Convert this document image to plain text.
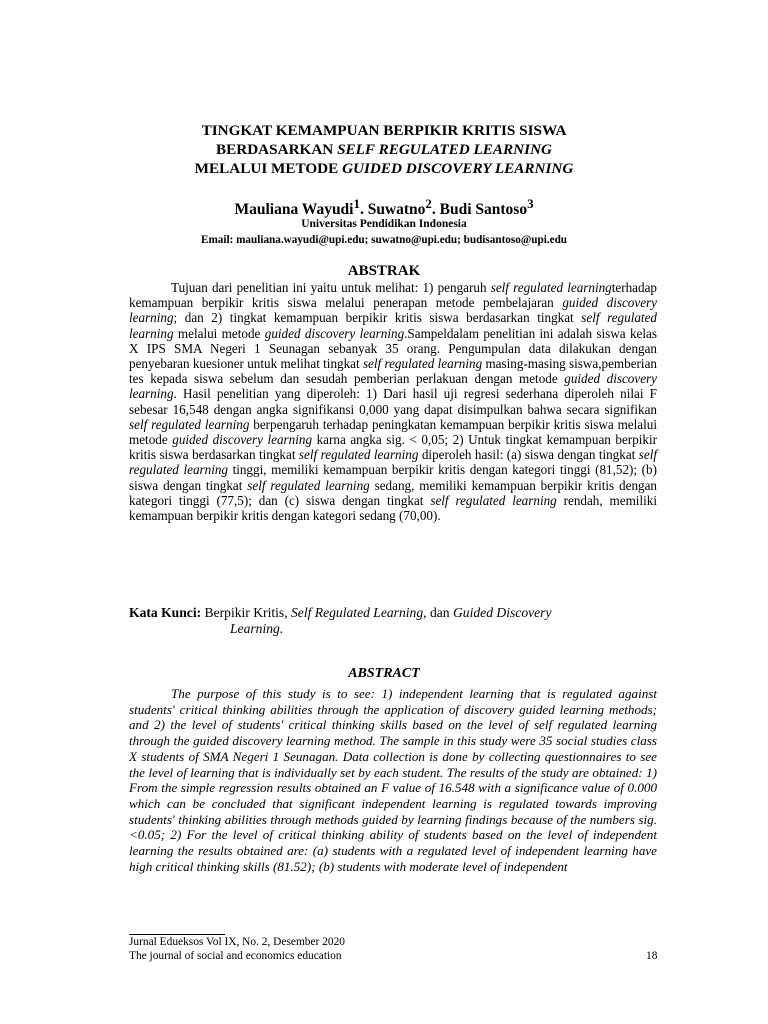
TINGKAT KEMAMPUAN BERPIKIR KRITIS SISWA
BERDASARKAN SELF REGULATED LEARNING
MELALUI METODE GUIDED DISCOVERY LEARNING
Mauliana Wayudi$^1$. Suwatno$^2$. Budi Santoso$^3$
Universitas Pendidikan Indonesia
Email: mauliana.wayudi@upi.edu; suwatno@upi.edu; budisantoso@upi.edu
ABSTRAK

Tujuan dari penelitian ini yaitu untuk melihat: 1) pengaruh self regulated learningterhadap kemampuan berpikir kritis siswa melalui penerapan metode pembelajaran guided discovery learning; dan 2) tingkat kemampuan berpikir kritis siswa berdasarkan tingkat self regulated learning melalui metode guided discovery learning.Sampeldalam penelitian ini adalah siswa kelas X IPS SMA Negeri 1 Seunagan sebanyak 35 orang. Pengumpulan data dilakukan dengan penyebaran kuesioner untuk melihat tingkat self regulated learning masing-masing siswa,pemberian tes kepada siswa sebelum dan sesudah pemberian perlakuan dengan metode guided discovery learning. Hasil penelitian yang diperoleh: 1) Dari hasil uji regresi sederhana diperoleh nilai F sebesar 16,548 dengan angka signifikansi 0,000 yang dapat disimpulkan bahwa secara signifikan self regulated learning berpengaruh terhadap peningkatan kemampuan berpikir kritis siswa melalui metode guided discovery learning karna angka sig. < 0,05; 2) Untuk tingkat kemampuan berpikir kritis siswa berdasarkan tingkat self regulated learning diperoleh hasil: (a) siswa dengan tingkat self regulated learning tinggi, memiliki kemampuan berpikir kritis dengan kategori tinggi (81,52); (b) siswa dengan tingkat self regulated learning sedang, memiliki kemampuan berpikir kritis dengan kategori tinggi (77,5); dan (c) siswa dengan tingkat self regulated learning rendah, memiliki kemampuan berpikir kritis dengan kategori sedang (70,00).

Kata Kunci: Berpikir Kritis, Self Regulated Learning, dan Guided Discovery
Learning.
ABSTRACT

The purpose of this study is to see: 1) independent learning that is regulated against students' critical thinking abilities through the application of discovery guided learning methods; and 2) the level of students' critical thinking skills based on the level of self regulated learning through the guided discovery learning method. The sample in this study were 35 social studies class X students of SMA Negeri 1 Seunagan. Data collection is done by collecting questionnaires to see the level of learning that is individually set by each student. The results of the study are obtained: 1) From the simple regression results obtained an F value of 16.548 with a significance value of 0.000 which can be concluded that significant independent learning is regulated towards improving students' thinking abilities through methods guided by learning findings because of the numbers sig. <0.05; 2) For the level of critical thinking ability of students based on the level of independent learning the results obtained are: (a) students with a regulated level of independent learning have high critical thinking skills (81.52); (b) students with moderate level of independent

Jurnal Edueksos Vol IX, No. 2, Desember 2020
The journal of social and economics education	18
